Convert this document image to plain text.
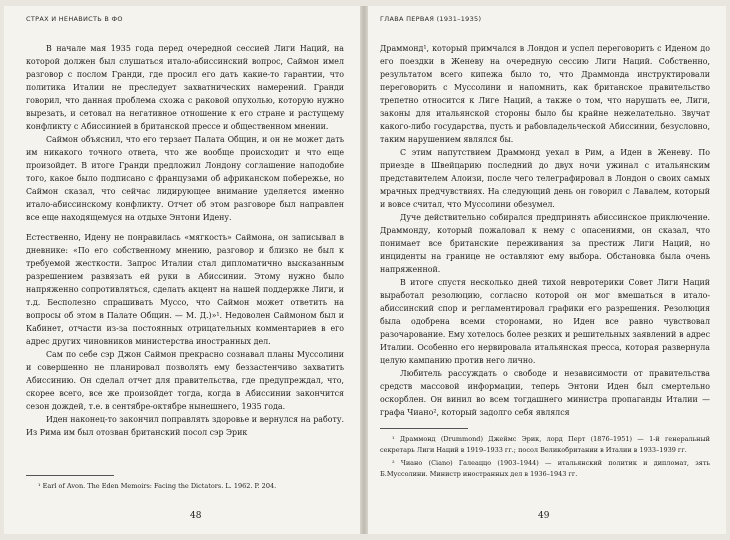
СТРАХ И НЕНАВИСТЬ В ФО

В начале мая 1935 года перед очередной сессией Лиги Наций, на которой должен был слушаться итало-абиссинский вопрос, Саймон имел разговор с послом Гранди, где просил его дать какие-то гарантии, что политика Италии не преследует захватнических намерений. Гранди говорил, что данная проблема схожа с раковой опухолью, которую нужно вырезать, и сетовал на негативное отношение к его стране и растущему конфликту с Абиссинией в британской прессе и общественном мнении.

Саймон объяснил, что его терзает Палата Общин, и он не может дать им никакого точного ответа, что же вообще происходит и что еще произойдет. В итоге Гранди предложил Лондону соглашение наподобие того, какое было подписано с французами об африканском побережье, но Саймон сказал, что сейчас лидирующее внимание уделяется именно итало-абиссинскому конфликту. Отчет об этом разговоре был направлен все еще находящемуся на отдыхе Энтони Идену.

Естественно, Идену не понравилась «мягкость» Саймона, он записывал в дневнике: «По его собственному мнению, разговор и близко не был к требуемой жесткости. Запрос Италии стал дипломатично высказанным разрешением развязать ей руки в Абиссинии. Этому нужно было напряженно сопротивляться, сделать акцент на нашей поддержке Лиги, и т.д. Бесполезно спрашивать Муссо, что Саймон может ответить на вопросы об этом в Палате Общин. — М. Д.)»¹. Недоволен Саймоном был и Кабинет, отчасти из-за постоянных отрицательных комментариев в его адрес других чиновников министерства иностранных дел.

Сам по себе сэр Джон Саймон прекрасно сознавал планы Муссолини и совершенно не планировал позволять ему беззастенчиво захватить Абиссинию. Он сделал отчет для правительства, где предупреждал, что, скорее всего, все же произойдет тогда, когда в Абиссинии закончится сезон дождей, т.е. в сентябре-октябре нынешнего, 1935 года.

Иден наконец-то закончил поправлять здоровье и вернулся на работу. Из Рима им был отозван британский посол сэр Эрик

¹ Earl of Avon. The Eden Memoirs: Facing the Dictators. L. 1962. P. 204.

48
ГЛАВА ПЕРВАЯ (1931–1935)

Драммонд¹, который примчался в Лондон и успел переговорить с Иденом до его поездки в Женеву на очередную сессию Лиги Наций. Собственно, результатом всего кипежа было то, что Драммонда инструктировали переговорить с Муссолини и напомнить, как британское правительство трепетно относится к Лиге Наций, а также о том, что нарушать ее, Лиги, законы для итальянской стороны было бы крайне нежелательно. Звучат какого-либо государства, пусть и рабовладельческой Абиссинии, безусловно, таким нарушением являлся бы.

С этим напутствием Драммонд уехал в Рим, а Иден в Женеву. По приезде в Швейцарию последний до двух ночи ужинал с итальянским представителем Алоизи, после чего телеграфировал в Лондон о своих самых мрачных предчувствиях. На следующий день он говорил с Лавалем, который и вовсе считал, что Муссолини обезумел.

Дуче действительно собирался предпринять абиссинское приключение. Драммонду, который пожаловал к нему с опасениями, он сказал, что понимает все британские переживания за престиж Лиги Наций, но инциденты на границе не оставляют ему выбора. Обстановка была очень напряженной.

В итоге спустя несколько дней тихой невротерики Совет Лиги Наций выработал резолюцию, согласно которой он мог вмешаться в итало-абиссинский спор и регламентировал графики его разрешения. Резолюция была одобрена всеми сторонами, но Иден все равно чувствовал разочарование. Ему хотелось более резких и решительных заявлений в адрес Италии. Особенно его нервировала итальянская пресса, которая развернула целую кампанию против него лично.

Любитель рассуждать о свободе и независимости от правительства средств массовой информации, теперь Энтони Иден был смертельно оскорблен. Он винил во всем тогдашнего министра пропаганды Италии — графа Чиано², который задолго себя являлся

¹ Драммонд (Drummond) Джеймс Эрик, лорд Перт (1876–1951) — 1-й генеральный секретарь Лиги Наций в 1919–1933 гг.; посол Великобритании в Италии в 1933–1939 гг.

² Чиано (Ciano) Галеаццо (1903–1944) — итальянский политик и дипломат, зять Б.Муссолини. Министр иностранных дел в 1936–1943 гг.

49
